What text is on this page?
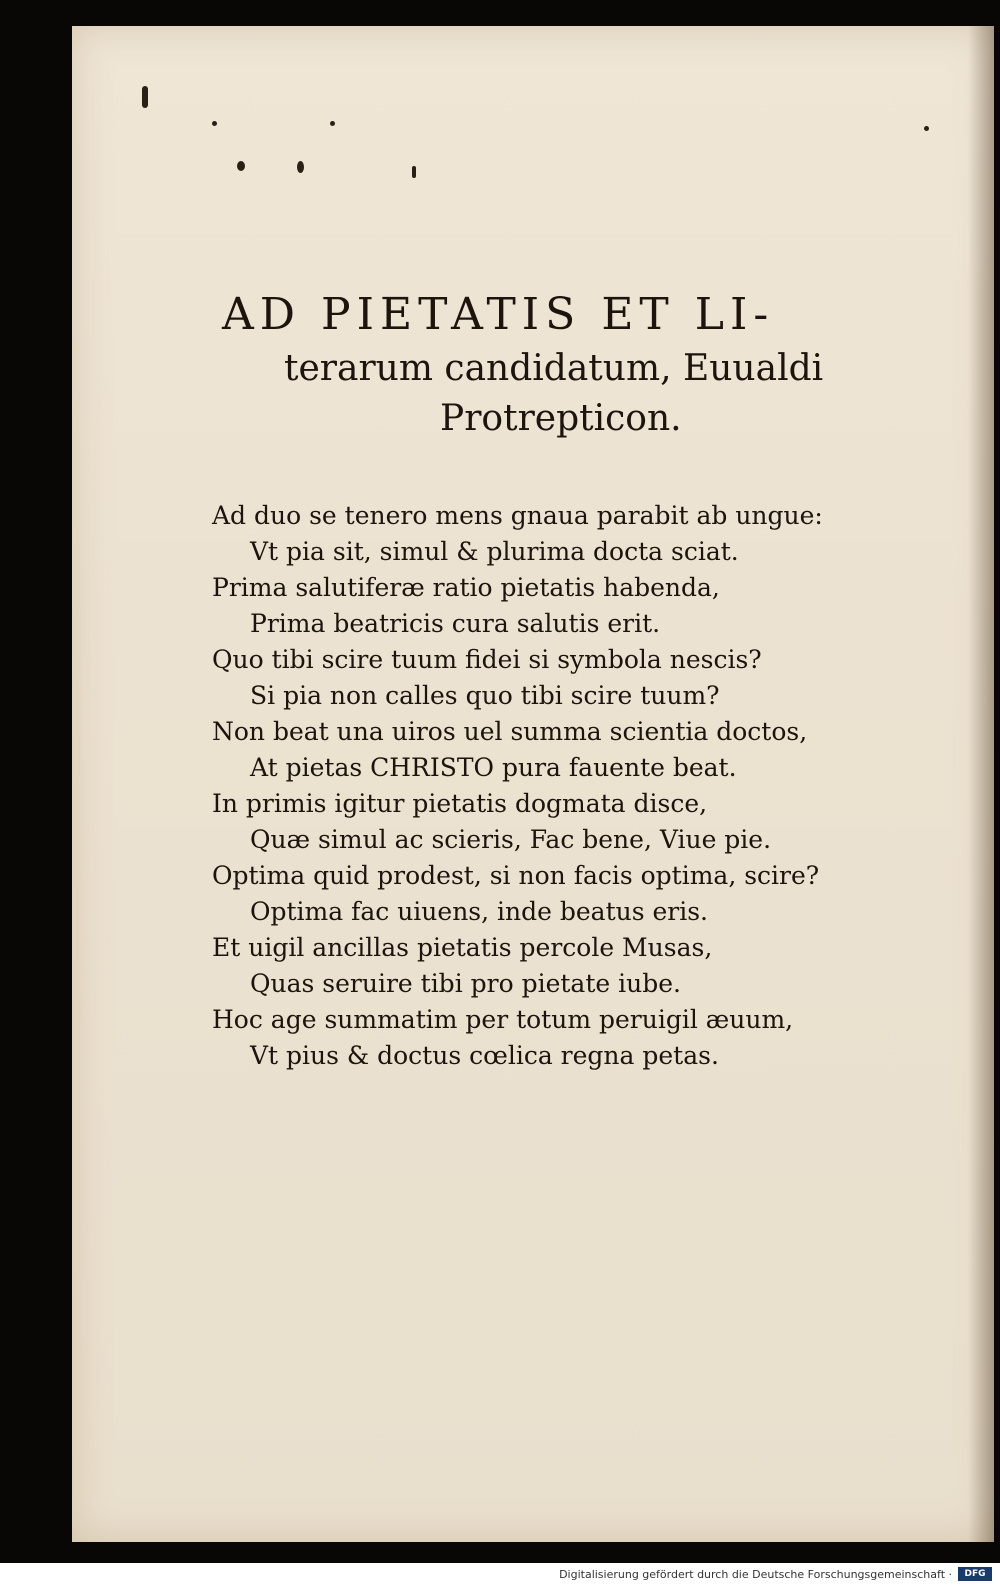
AD PIETATIS ET LI-

terarum candidatum, Euualdi

Protrepticon.

Ad duo se tenero mens gnaua parabit ab ungue:
Vt pia sit, simul & plurima docta sciat.
Prima salutiferæ ratio pietatis habenda,
Prima beatricis cura salutis erit.
Quo tibi scire tuum fidei si symbola nescis?
Si pia non calles quo tibi scire tuum?
Non beat una uiros uel summa scientia doctos,
At pietas CHRISTO pura fauente beat.
In primis igitur pietatis dogmata disce,
Quæ simul ac scieris, Fac bene, Viue pie.
Optima quid prodest, si non facis optima, scire?
Optima fac uiuens, inde beatus eris.
Et uigil ancillas pietatis percole Musas,
Quas seruire tibi pro pietate iube.
Hoc age summatim per totum peruigil æuum,
Vt pius & doctus cœlica regna petas.
Digitalisierung gefördert durch die Deutsche Forschungsgemeinschaft ·	DFG
